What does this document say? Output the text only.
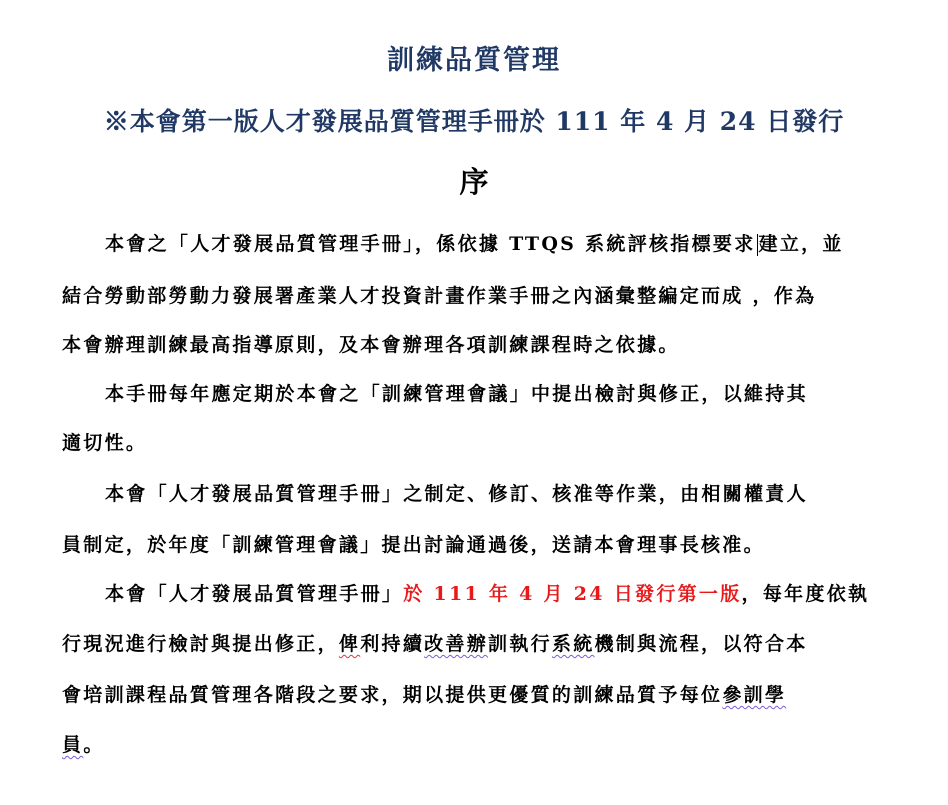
訓練品質管理
※本會第一版人才發展品質管理手冊於 111 年 4 月 24 日發行
序
本會之「人才發展品質管理手冊」，係依據 TTQS 系統評核指標要求 建立，並
結合勞動部勞動力發展署產業人才投資計畫作業手冊之內涵彙整編定而成 ，作為
本會辦理訓練最高指導原則，及本會辦理各項訓練課程時之依據。
本手冊每年應定期於本會之「訓練管理會議」中提出檢討與修正，以維持其
適切性。
本會「人才發展品質管理手冊」之制定、修訂、核准等作業，由相關權責人
員制定，於年度「訓練管理會議」提出討論通過後，送請本會理事長核准。
本會「人才發展品質管理手冊」於 111 年 4 月 24 日發行第一版，每年度依執
行現況進行檢討與提出修正，俾利持續改善辦訓執行系統機制與流程，以符合本
會培訓課程品質管理各階段之要求，期以提供更優質的訓練品質予每位參訓學
員。
